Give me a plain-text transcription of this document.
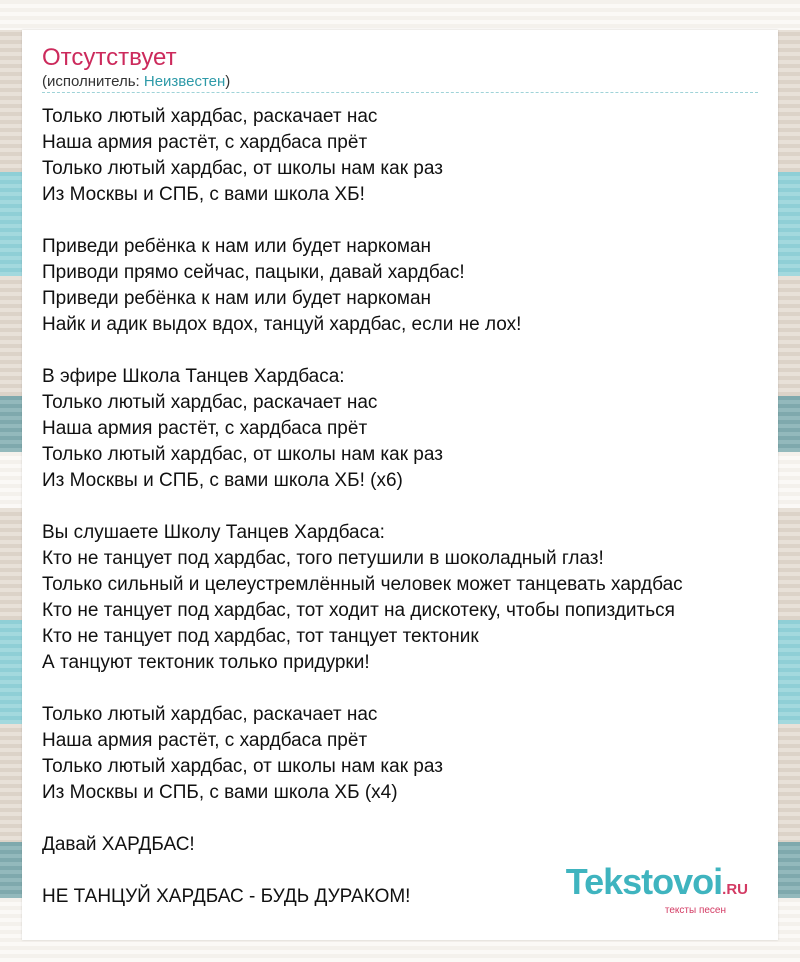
Отсутствует
(исполнитель: Неизвестен)
Только лютый хардбас, раскачает нас
Наша армия растёт, с хардбаса прёт
Только лютый хардбас, от школы нам как раз
Из Москвы и СПБ, с вами школа ХБ!
Приведи ребёнка к нам или будет наркоман
Приводи прямо сейчас, пацыки, давай хардбас!
Приведи ребёнка к нам или будет наркоман
Найк и адик выдох вдох, танцуй хардбас, если не лох!
В эфире Школа Танцев Хардбаса:
Только лютый хардбас, раскачает нас
Наша армия растёт, с хардбаса прёт
Только лютый хардбас, от школы нам как раз
Из Москвы и СПБ, с вами школа ХБ! (x6)
Вы слушаете Школу Танцев Хардбаса:
Кто не танцует под хардбас, того петушили в шоколадный глаз!
Только сильный и целеустремлённый человек может танцевать хардбас
Кто не танцует под хардбас, тот ходит на дискотеку, чтобы попиздиться
Кто не танцует под хардбас, тот танцует тектоник
А танцуют тектоник только придурки!
Только лютый хардбас, раскачает нас
Наша армия растёт, с хардбаса прёт
Только лютый хардбас, от школы нам как раз
Из Москвы и СПБ, с вами школа ХБ (x4)
Давай ХАРДБАС!
НЕ ТАНЦУЙ ХАРДБАС - БУДЬ ДУРАКОМ!	Tekstovoi.RU
тексты песен
